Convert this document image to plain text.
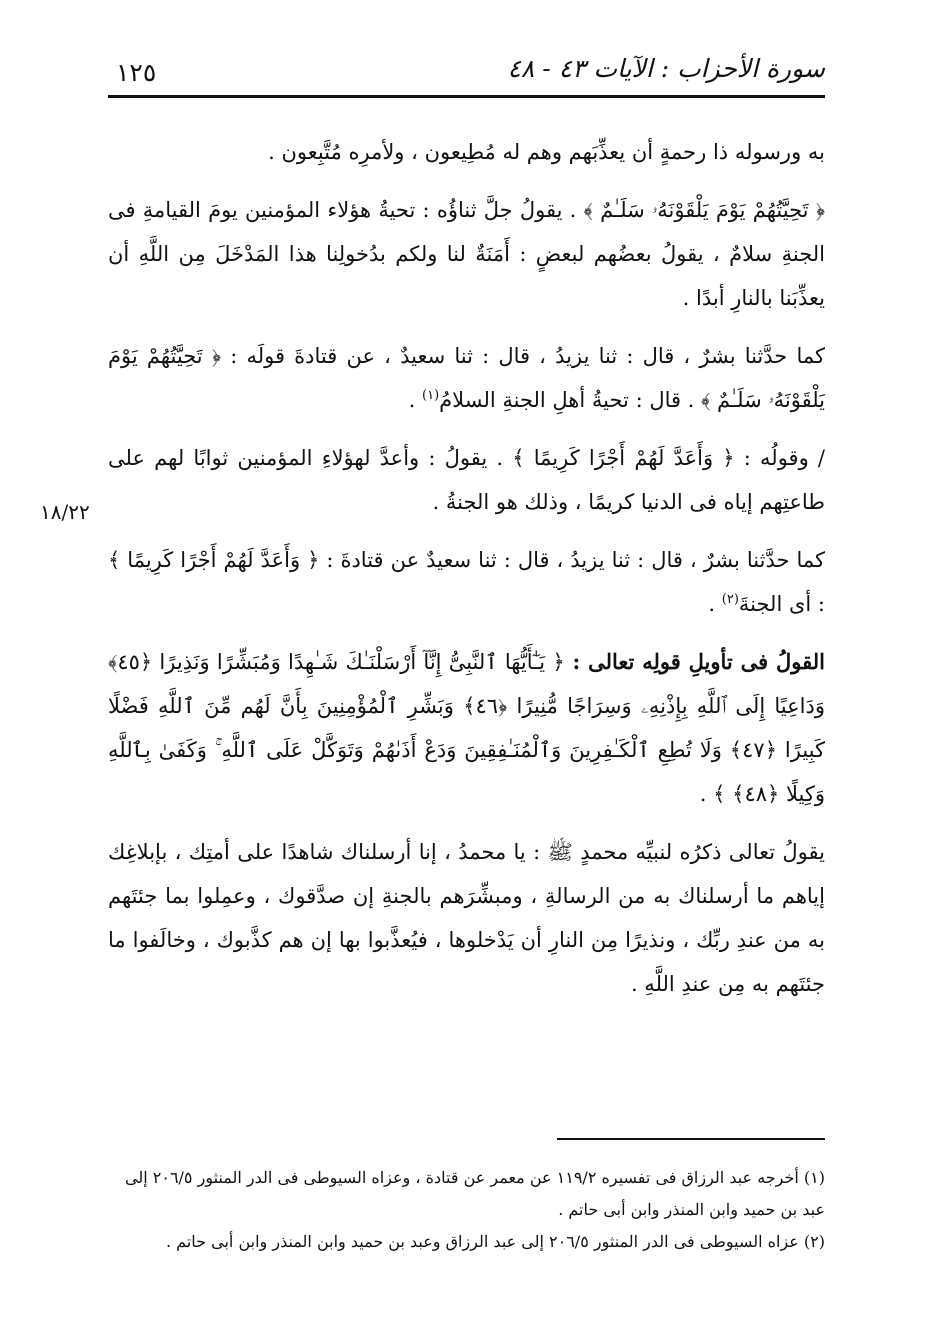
١٢٥	سورة الأحزاب : الآيات ٤٣ - ٤٨
١٨/٢٢

به ورسوله ذا رحمةٍ أن يعذِّبَهم وهم له مُطِيعون ، ولأمرِه مُتَّبِعون .

﴿ تَحِيَّتُهُمْ يَوْمَ يَلْقَوْنَهُۥ سَلَـٰمٌ ﴾ . يقولُ جلَّ ثناؤُه : تحيةُ هؤلاء المؤمنين يومَ القيامةِ فى الجنةِ سلامٌ ، يقولُ بعضُهم لبعضٍ : أَمَنَةٌ لنا ولكم بدُخولِنا هذا المَدْخَلَ مِن اللَّهِ أن يعذِّبَنا بالنارِ أبدًا .

كما حدَّثنا بشرٌ ، قال : ثنا يزيدُ ، قال : ثنا سعيدٌ ، عن قتادةَ قولَه : ﴿ تَحِيَّتُهُمْ يَوْمَ يَلْقَوْنَهُۥ سَلَـٰمٌ ﴾ . قال : تحيةُ أهلِ الجنةِ السلامُ$^{(١)}$ .

/ وقولُه : ﴿ وَأَعَدَّ لَهُمْ أَجْرًا كَرِيمًا ﴾ . يقولُ : وأعدَّ لهؤلاءِ المؤمنين ثوابًا لهم على طاعتِهم إياه فى الدنيا كريمًا ، وذلك هو الجنةُ .

كما حدَّثنا بشرٌ ، قال : ثنا يزيدُ ، قال : ثنا سعيدٌ عن قتادةَ : ﴿ وَأَعَدَّ لَهُمْ أَجْرًا كَرِيمًا ﴾ : أى الجنةَ$^{(٢)}$ .

القولُ فى تأويلِ قولِه تعالى : ﴿ يَـٰٓأَيُّهَا ٱلنَّبِىُّ إِنَّآ أَرْسَلْنَـٰكَ شَـٰهِدًا وَمُبَشِّرًا وَنَذِيرًا ﴿٤٥﴾ وَدَاعِيًا إِلَى ٱللَّهِ بِإِذْنِهِۦ وَسِرَاجًا مُّنِيرًا ﴿٤٦﴾ وَبَشِّرِ ٱلْمُؤْمِنِينَ بِأَنَّ لَهُم مِّنَ ٱللَّهِ فَضْلًا كَبِيرًا ﴿٤٧﴾ وَلَا تُطِعِ ٱلْكَـٰفِرِينَ وَٱلْمُنَـٰفِقِينَ وَدَعْ أَذَىٰهُمْ وَتَوَكَّلْ عَلَى ٱللَّهِ ۚ وَكَفَىٰ بِٱللَّهِ وَكِيلًا ﴿٤٨﴾ ﴾ .

يقولُ تعالى ذكرُه لنبيِّه محمدٍ ﷺ : يا محمدُ ، إنا أرسلناك شاهدًا على أمتِك ، بإبلاغِك إياهم ما أرسلناك به من الرسالةِ ، ومبشِّرَهم بالجنةِ إن صدَّقوك ، وعمِلوا بما جئتَهم به من عندِ ربِّك ، ونذيرًا مِن النارِ أن يَدْخلوها ، فيُعذَّبوا بها إن هم كذَّبوك ، وخالَفوا ما جئتَهم به مِن عندِ اللَّهِ .

(١) أخرجه عبد الرزاق فى تفسيره ١١٩/٢ عن معمر عن قتادة ، وعزاه السيوطى فى الدر المنثور ٢٠٦/٥ إلى عبد بن حميد وابن المنذر وابن أبى حاتم .

(٢) عزاه السيوطى فى الدر المنثور ٢٠٦/٥ إلى عبد الرزاق وعبد بن حميد وابن المنذر وابن أبى حاتم .
